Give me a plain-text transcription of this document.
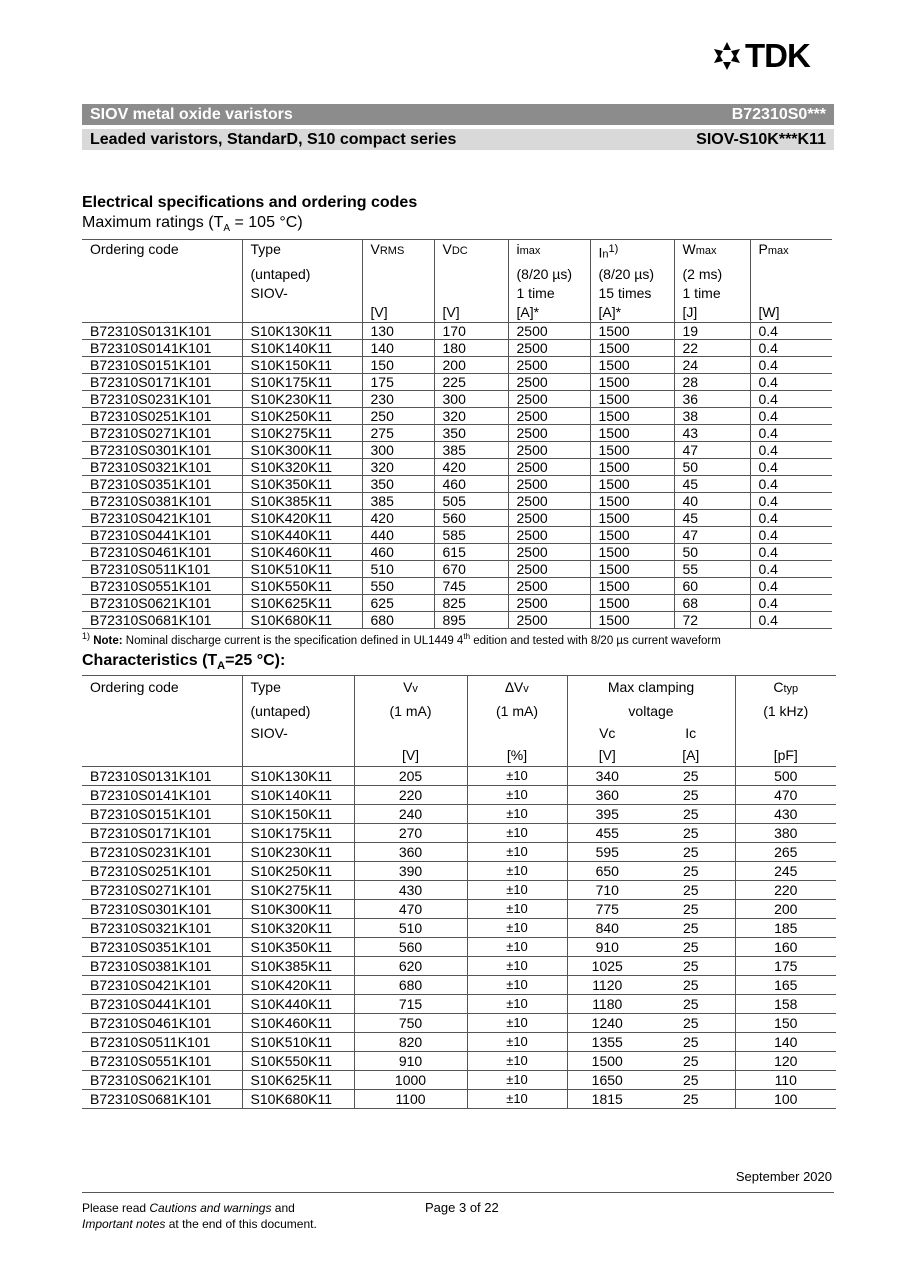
TDK
SIOV metal oxide varistors	B72310S0***
Leaded varistors, StandarD, S10 compact series	SIOV-S10K***K11
Electrical specifications and ordering codes
Maximum ratings ($T_A = 105$ °C)
Ordering code	Type	VRMS	VDC	imax	In$^{1)}$	Wmax	Pmax
	(untaped)			(8/20 µs)	(8/20 µs)	(2 ms)	
	SIOV-			1 time	15 times	1 time	
		[V]	[V]	[A]*	[A]*	[J]	[W]
B72310S0131K101	S10K130K11	130	170	2500	1500	19	0.4
B72310S0141K101	S10K140K11	140	180	2500	1500	22	0.4
B72310S0151K101	S10K150K11	150	200	2500	1500	24	0.4
B72310S0171K101	S10K175K11	175	225	2500	1500	28	0.4
B72310S0231K101	S10K230K11	230	300	2500	1500	36	0.4
B72310S0251K101	S10K250K11	250	320	2500	1500	38	0.4
B72310S0271K101	S10K275K11	275	350	2500	1500	43	0.4
B72310S0301K101	S10K300K11	300	385	2500	1500	47	0.4
B72310S0321K101	S10K320K11	320	420	2500	1500	50	0.4
B72310S0351K101	S10K350K11	350	460	2500	1500	45	0.4
B72310S0381K101	S10K385K11	385	505	2500	1500	40	0.4
B72310S0421K101	S10K420K11	420	560	2500	1500	45	0.4
B72310S0441K101	S10K440K11	440	585	2500	1500	47	0.4
B72310S0461K101	S10K460K11	460	615	2500	1500	50	0.4
B72310S0511K101	S10K510K11	510	670	2500	1500	55	0.4
B72310S0551K101	S10K550K11	550	745	2500	1500	60	0.4
B72310S0621K101	S10K625K11	625	825	2500	1500	68	0.4
B72310S0681K101	S10K680K11	680	895	2500	1500	72	0.4
$^{1)}$ Note: Nominal discharge current is the specification defined in UL1449 4th edition and tested with 8/20 µs current waveform
Characteristics ($T_A=25$ °C):
Ordering code	Type	Vv	∆Vv	Max clamping		Ctyp
	(untaped)	(1 mA)	(1 mA)	voltage		(1 kHz)
	SIOV-			Vc	Ic	
		[V]	[%]	[V]	[A]	[pF]
B72310S0131K101	S10K130K11	205	±10	340	25	500
B72310S0141K101	S10K140K11	220	±10	360	25	470
B72310S0151K101	S10K150K11	240	±10	395	25	430
B72310S0171K101	S10K175K11	270	±10	455	25	380
B72310S0231K101	S10K230K11	360	±10	595	25	265
B72310S0251K101	S10K250K11	390	±10	650	25	245
B72310S0271K101	S10K275K11	430	±10	710	25	220
B72310S0301K101	S10K300K11	470	±10	775	25	200
B72310S0321K101	S10K320K11	510	±10	840	25	185
B72310S0351K101	S10K350K11	560	±10	910	25	160
B72310S0381K101	S10K385K11	620	±10	1025	25	175
B72310S0421K101	S10K420K11	680	±10	1120	25	165
B72310S0441K101	S10K440K11	715	±10	1180	25	158
B72310S0461K101	S10K460K11	750	±10	1240	25	150
B72310S0511K101	S10K510K11	820	±10	1355	25	140
B72310S0551K101	S10K550K11	910	±10	1500	25	120
B72310S0621K101	S10K625K11	1000	±10	1650	25	110
B72310S0681K101	S10K680K11	1100	±10	1815	25	100
September 2020
Please read Cautions and warnings and
Important notes at the end of this document.
Page 3 of 22
